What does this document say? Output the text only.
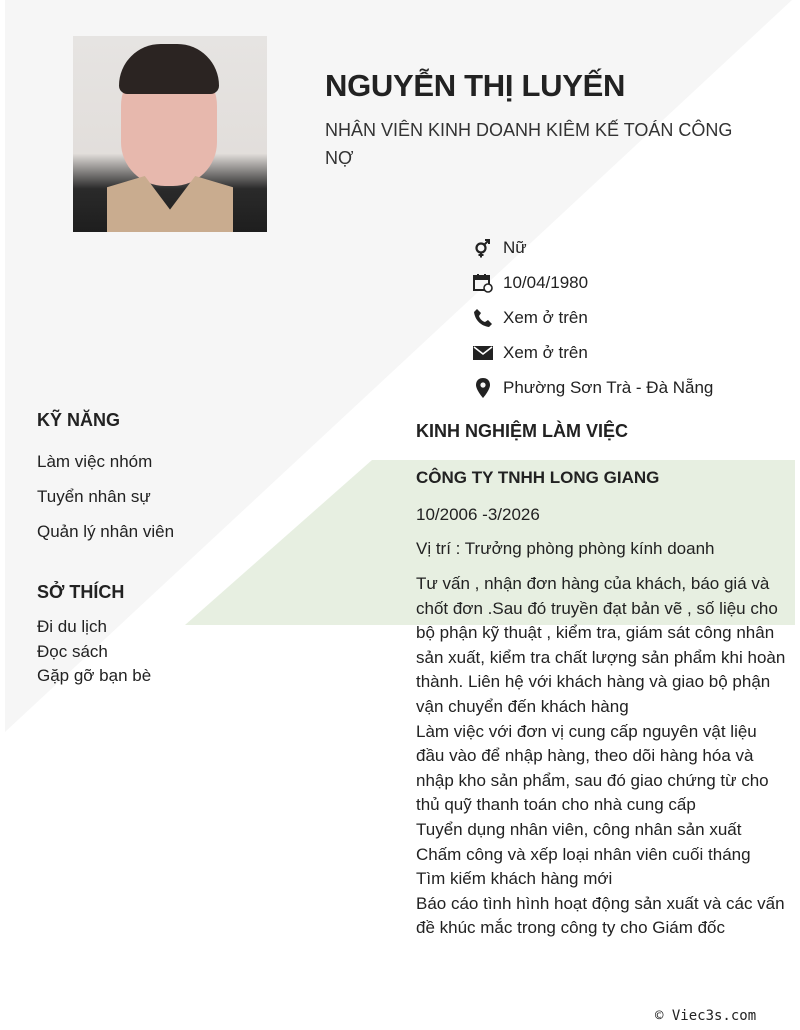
NGUYỄN THỊ LUYẾN
NHÂN VIÊN KINH DOANH KIÊM KẾ TOÁN CÔNG NỢ
Nữ
10/04/1980
Xem ở trên
Xem ở trên
Phường Sơn Trà - Đà Nẵng
KỸ NĂNG
Làm việc nhóm
Tuyển nhân sự
Quản lý nhân viên
SỞ THÍCH
Đi du lịch
Đọc sách
Gặp gỡ bạn bè
KINH NGHIỆM LÀM VIỆC
CÔNG TY TNHH LONG GIANG
10/2006 -3/2026
Vị trí : Trưởng phòng phòng kính doanh
Tư vấn , nhận đơn hàng của khách, báo giá và chốt đơn .Sau đó truyền đạt bản vẽ , số liệu cho bộ phận kỹ thuật , kiểm tra, giám sát công nhân sản xuất, kiểm tra chất lượng sản phẩm khi hoàn thành. Liên hệ với khách hàng và giao bộ phận vận chuyển đến khách hàng
Làm việc với đơn vị cung cấp nguyên vật liệu đầu vào để nhập hàng, theo dõi hàng hóa và nhập kho sản phẩm, sau đó giao chứng từ cho thủ quỹ thanh toán cho nhà cung cấp
Tuyển dụng nhân viên, công nhân sản xuất
Chấm công và xếp loại nhân viên cuối tháng
Tìm kiếm khách hàng mới
Báo cáo tình hình hoạt động sản xuất và các vấn đề khúc mắc trong công ty cho Giám đốc
© Viec3s.com
